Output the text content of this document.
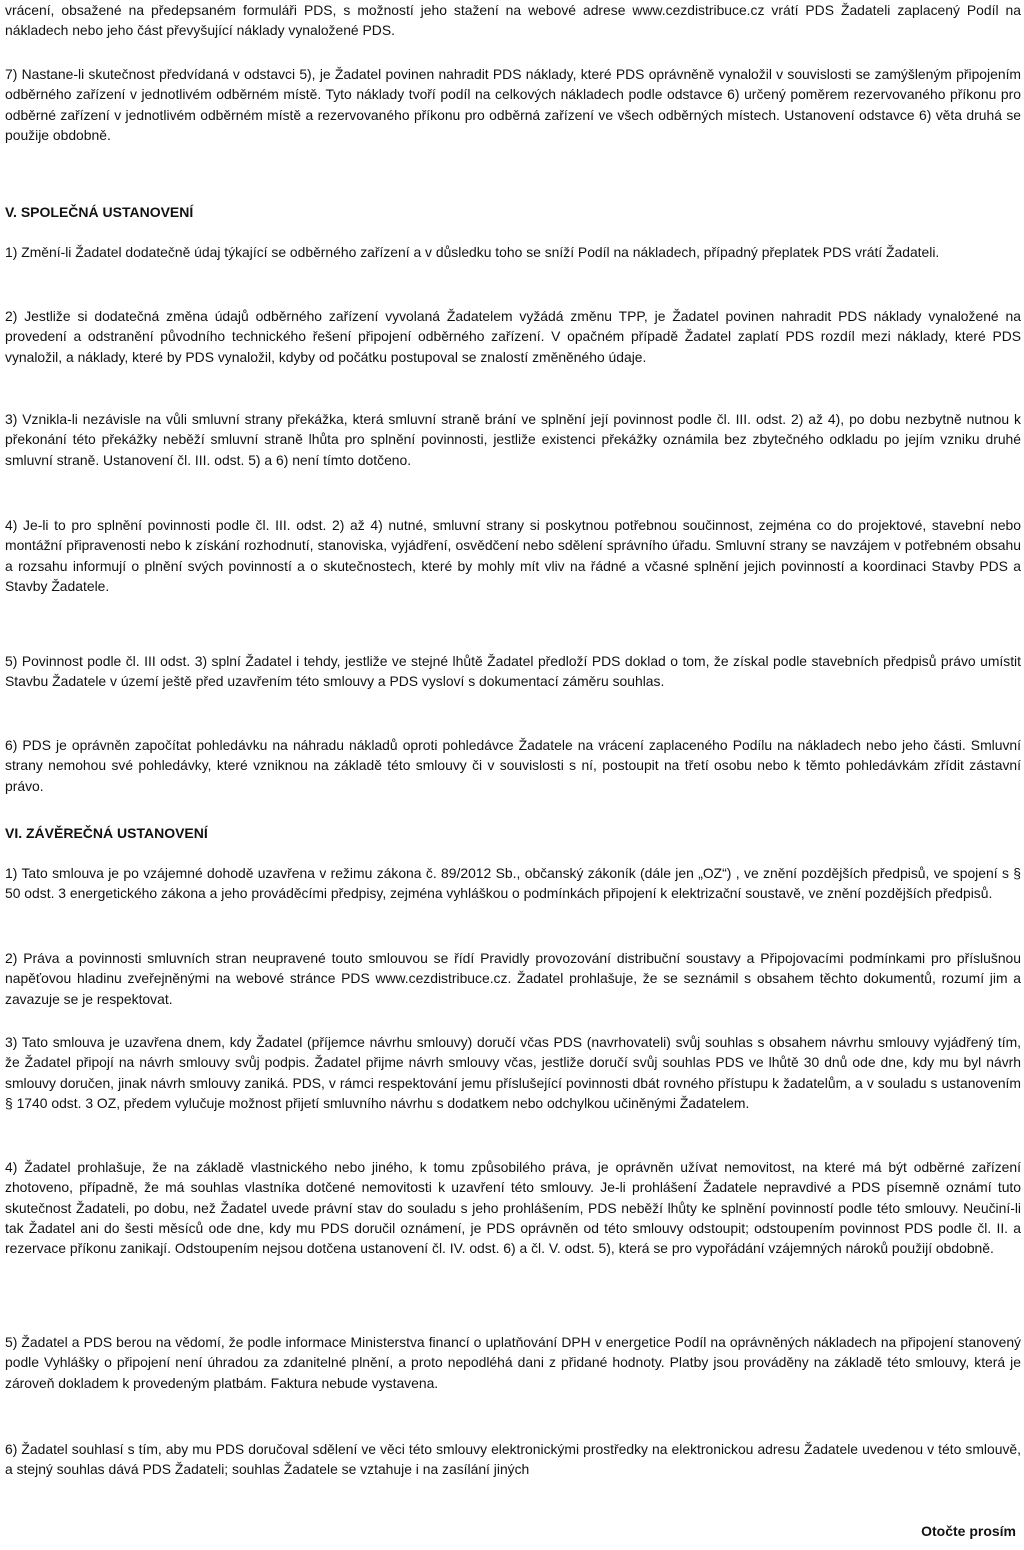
vrácení, obsažené na předepsaném formuláři PDS, s možností jeho stažení na webové adrese www.cezdistribuce.cz vrátí PDS Žadateli zaplacený Podíl na nákladech nebo jeho část převyšující náklady vynaložené PDS.

7) Nastane-li skutečnost předvídaná v odstavci 5), je Žadatel povinen nahradit PDS náklady, které PDS oprávněně vynaložil v souvislosti se zamýšleným připojením odběrného zařízení v jednotlivém odběrném místě. Tyto náklady tvoří podíl na celkových nákladech podle odstavce 6) určený poměrem rezervovaného příkonu pro odběrné zařízení v jednotlivém odběrném místě a rezervovaného příkonu pro odběrná zařízení ve všech odběrných místech. Ustanovení odstavce 6) věta druhá se použije obdobně.

V. SPOLEČNÁ USTANOVENÍ

1) Změní-li Žadatel dodatečně údaj týkající se odběrného zařízení a v důsledku toho se sníží Podíl na nákladech, případný přeplatek PDS vrátí Žadateli.

2) Jestliže si dodatečná změna údajů odběrného zařízení vyvolaná Žadatelem vyžádá změnu TPP, je Žadatel povinen nahradit PDS náklady vynaložené na provedení a odstranění původního technického řešení připojení odběrného zařízení. V opačném případě Žadatel zaplatí PDS rozdíl mezi náklady, které PDS vynaložil, a náklady, které by PDS vynaložil, kdyby od počátku postupoval se znalostí změněného údaje.

3) Vznikla-li nezávisle na vůli smluvní strany překážka, která smluvní straně brání ve splnění její povinnost podle čl. III. odst. 2) až 4), po dobu nezbytně nutnou k překonání této překážky neběží smluvní straně lhůta pro splnění povinnosti, jestliže existenci překážky oznámila bez zbytečného odkladu po jejím vzniku druhé smluvní straně. Ustanovení čl. III. odst. 5) a 6) není tímto dotčeno.

4) Je-li to pro splnění povinnosti podle čl. III. odst. 2) až 4) nutné, smluvní strany si poskytnou potřebnou součinnost, zejména co do projektové, stavební nebo montážní připravenosti nebo k získání rozhodnutí, stanoviska, vyjádření, osvědčení nebo sdělení správního úřadu. Smluvní strany se navzájem v potřebném obsahu a rozsahu informují o plnění svých povinností a o skutečnostech, které by mohly mít vliv na řádné a včasné splnění jejich povinností a koordinaci Stavby PDS a Stavby Žadatele.

5) Povinnost podle čl. III odst. 3) splní Žadatel i tehdy, jestliže ve stejné lhůtě Žadatel předloží PDS doklad o tom, že získal podle stavebních předpisů právo umístit Stavbu Žadatele v území ještě před uzavřením této smlouvy a PDS vysloví s dokumentací záměru souhlas.

6) PDS je oprávněn započítat pohledávku na náhradu nákladů oproti pohledávce Žadatele na vrácení zaplaceného Podílu na nákladech nebo jeho části. Smluvní strany nemohou své pohledávky, které vzniknou na základě této smlouvy či v souvislosti s ní, postoupit na třetí osobu nebo k těmto pohledávkám zřídit zástavní právo.

VI. ZÁVĚREČNÁ USTANOVENÍ

1) Tato smlouva je po vzájemné dohodě uzavřena v režimu zákona č. 89/2012 Sb., občanský zákoník (dále jen „OZ“) , ve znění pozdějších předpisů, ve spojení s § 50 odst. 3 energetického zákona a jeho prováděcími předpisy, zejména vyhláškou o podmínkách připojení k elektrizační soustavě, ve znění pozdějších předpisů.

2) Práva a povinnosti smluvních stran neupravené touto smlouvou se řídí Pravidly provozování distribuční soustavy a Připojovacími podmínkami pro příslušnou napěťovou hladinu zveřejněnými na webové stránce PDS www.cezdistribuce.cz. Žadatel prohlašuje, že se seznámil s obsahem těchto dokumentů, rozumí jim a zavazuje se je respektovat.

3) Tato smlouva je uzavřena dnem, kdy Žadatel (příjemce návrhu smlouvy) doručí včas PDS (navrhovateli) svůj souhlas s obsahem návrhu smlouvy vyjádřený tím, že Žadatel připojí na návrh smlouvy svůj podpis. Žadatel přijme návrh smlouvy včas, jestliže doručí svůj souhlas PDS ve lhůtě 30 dnů ode dne, kdy mu byl návrh smlouvy doručen, jinak návrh smlouvy zaniká. PDS, v rámci respektování jemu příslušející povinnosti dbát rovného přístupu k žadatelům, a v souladu s ustanovením § 1740 odst. 3 OZ, předem vylučuje možnost přijetí smluvního návrhu s dodatkem nebo odchylkou učiněnými Žadatelem.

4) Žadatel prohlašuje, že na základě vlastnického nebo jiného, k tomu způsobilého práva, je oprávněn užívat nemovitost, na které má být odběrné zařízení zhotoveno, případně, že má souhlas vlastníka dotčené nemovitosti k uzavření této smlouvy. Je-li prohlášení Žadatele nepravdivé a PDS písemně oznámí tuto skutečnost Žadateli, po dobu, než Žadatel uvede právní stav do souladu s jeho prohlášením, PDS neběží lhůty ke splnění povinností podle této smlouvy. Neučiní-li tak Žadatel ani do šesti měsíců ode dne, kdy mu PDS doručil oznámení, je PDS oprávněn od této smlouvy odstoupit; odstoupením povinnost PDS podle čl. II. a rezervace příkonu zanikají. Odstoupením nejsou dotčena ustanovení čl. IV. odst. 6) a čl. V. odst. 5), která se pro vypořádání vzájemných nároků použijí obdobně.

5) Žadatel a PDS berou na vědomí, že podle informace Ministerstva financí o uplatňování DPH v energetice Podíl na oprávněných nákladech na připojení stanovený podle Vyhlášky o připojení není úhradou za zdanitelné plnění, a proto nepodléhá dani z přidané hodnoty. Platby jsou prováděny na základě této smlouvy, která je zároveň dokladem k provedeným platbám. Faktura nebude vystavena.

6) Žadatel souhlasí s tím, aby mu PDS doručoval sdělení ve věci této smlouvy elektronickými prostředky na elektronickou adresu Žadatele uvedenou v této smlouvě, a stejný souhlas dává PDS Žadateli; souhlas Žadatele se vztahuje i na zasílání jiných

Otočte prosím
